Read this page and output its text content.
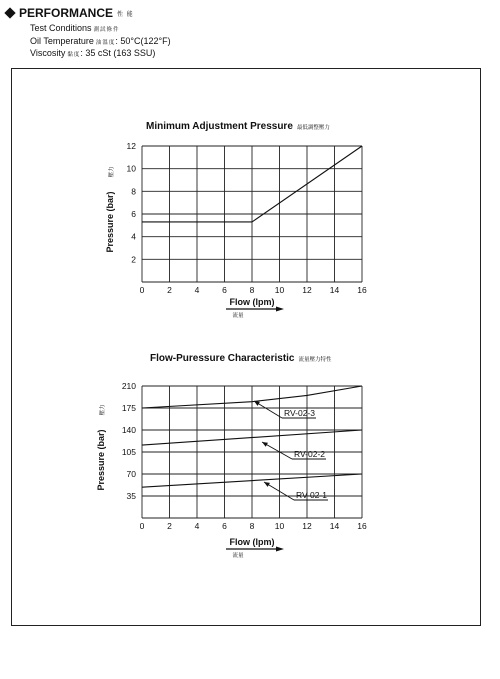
PERFORMANCE 性 能
Test Conditions 測試條件
Oil Temperature 油溫度: 50°C(122°F)
Viscosity 黏度: 35 cSt (163 SSU)
Minimum Adjustment Pressure 最低調整壓力
0	2	4	6	8 10 12 14 16
2
4
6
8
10
12
Flow (lpm)
流量
Pressure (bar)
壓力
Flow-Puressure Characteristic 流量壓力特性
0	2	4	6	8 10 12 14 16
35
70
105
140
175
210
Flow (lpm)
流量
Pressure (bar)
壓力	RV-02-3
RV-02-2
RV-02-1
